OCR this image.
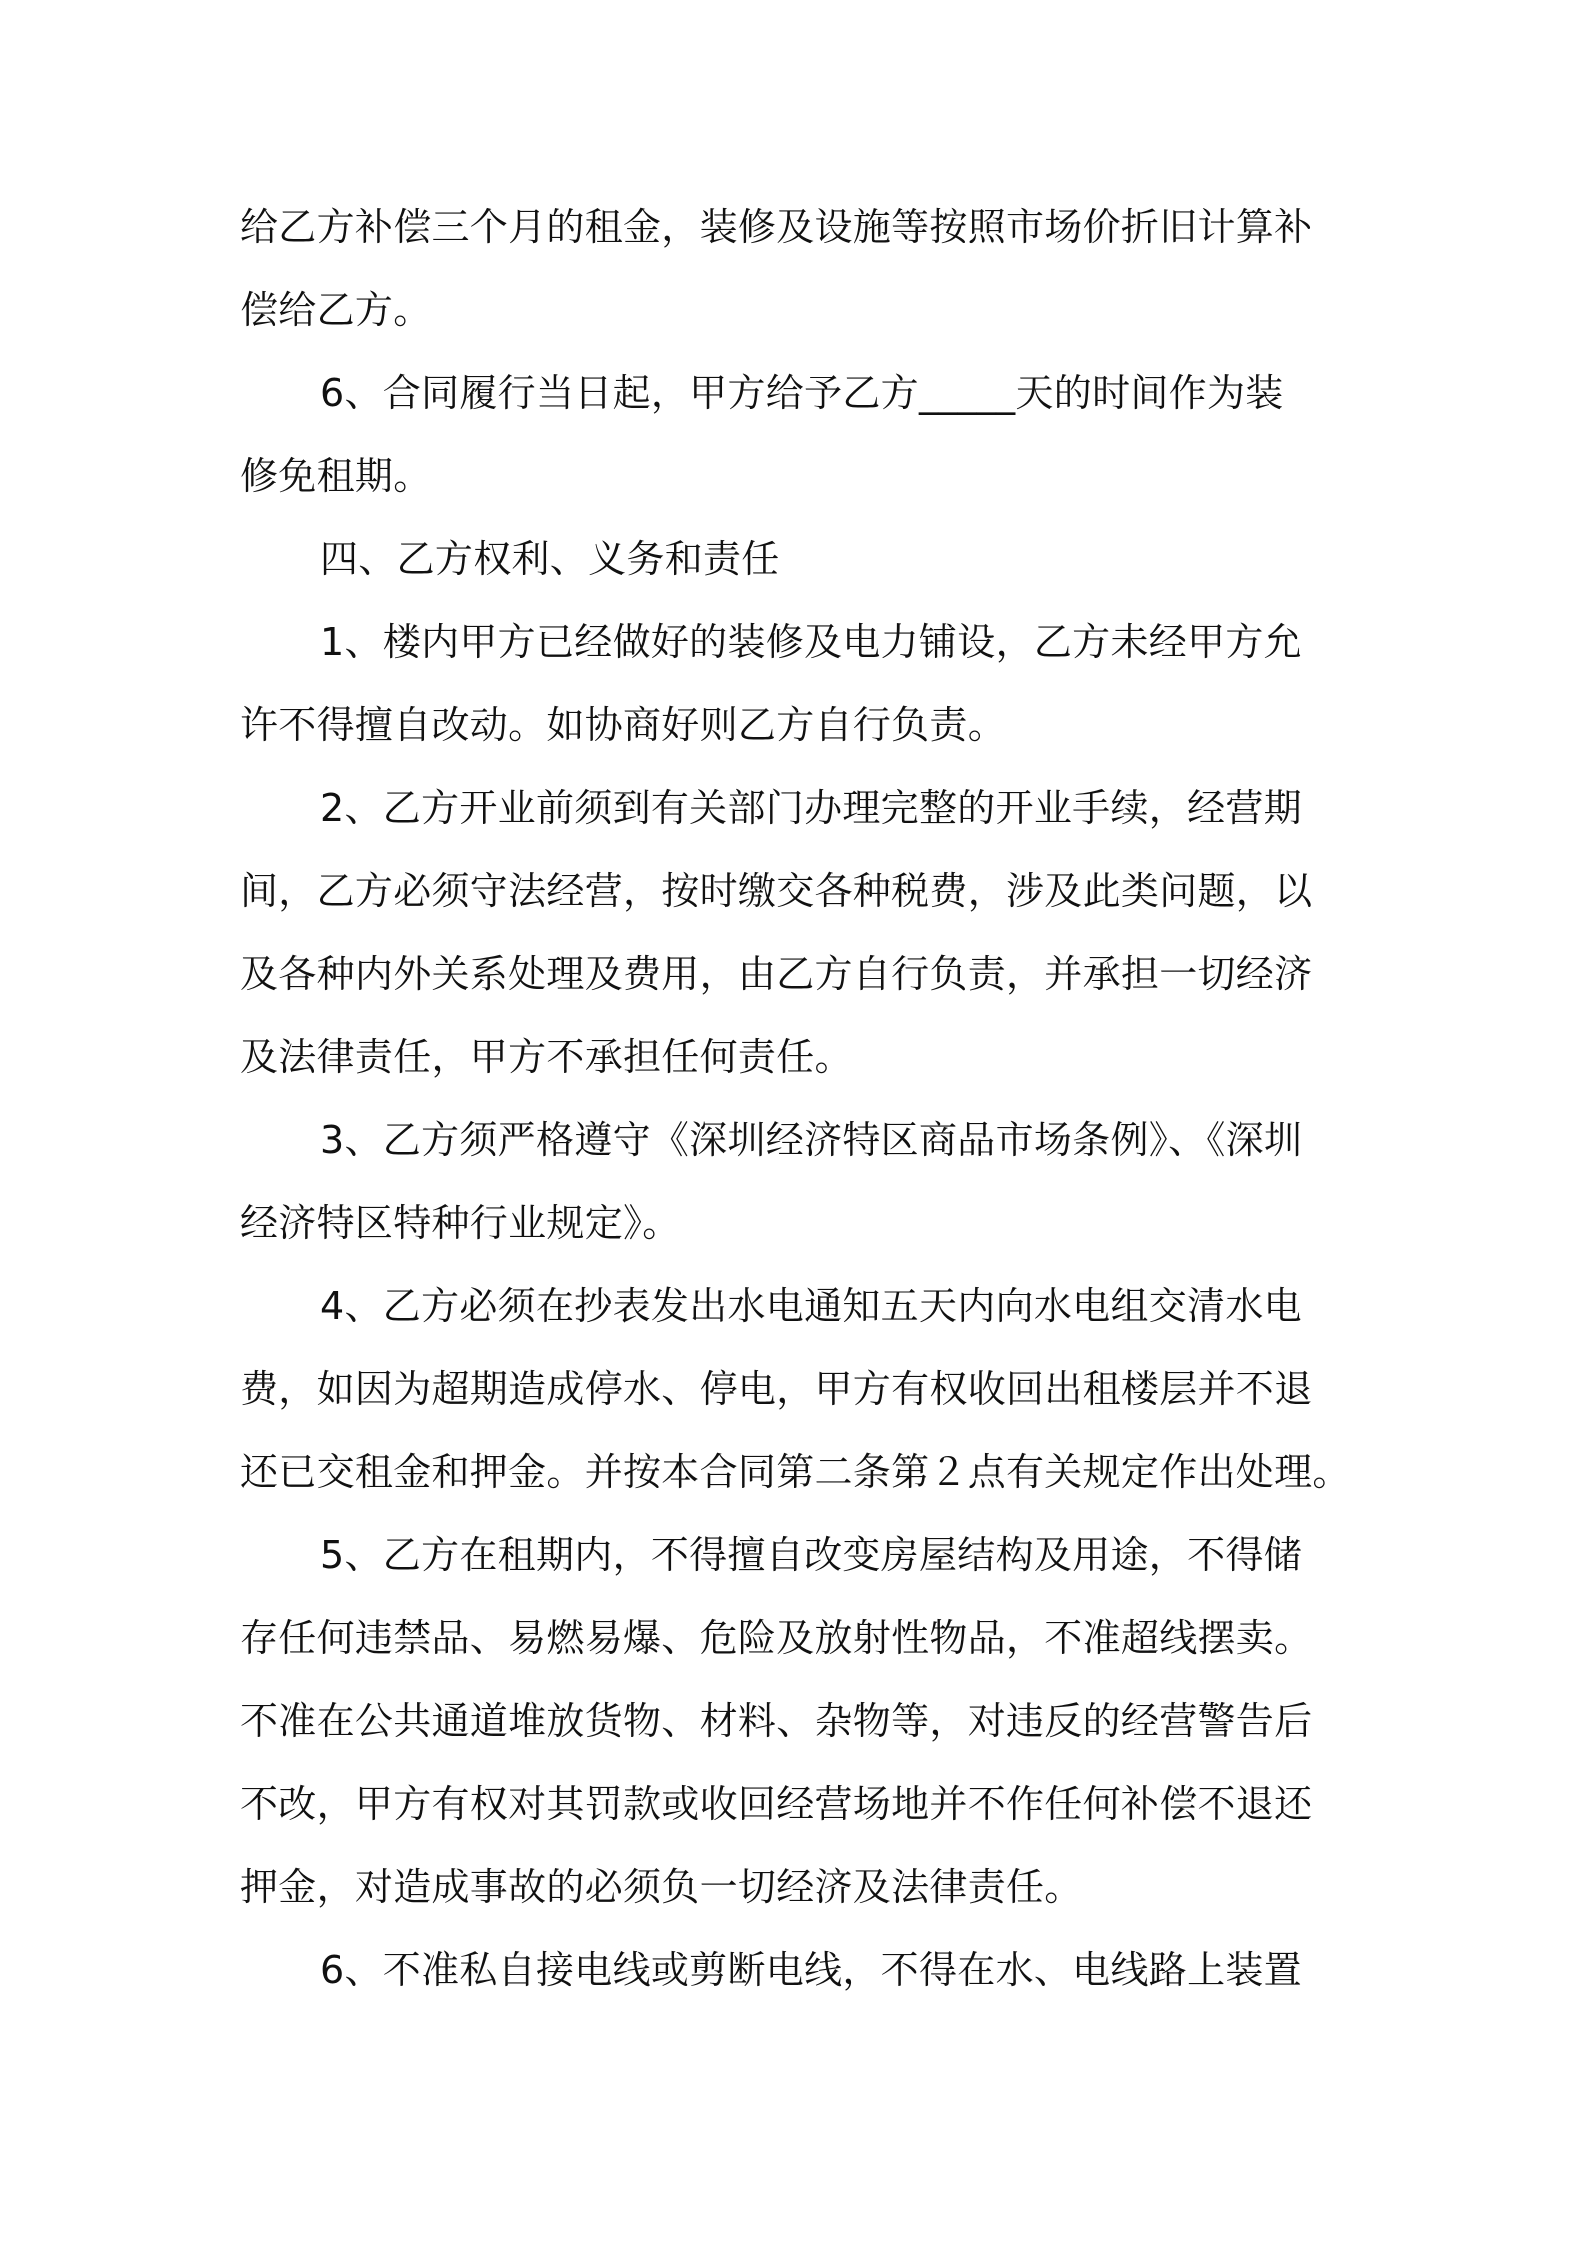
给乙方补偿三个月的租金，装修及设施等按照市场价折旧计算补
偿给乙方。
6、合同履行当日起，甲方给予乙方_____天的时间作为装
修免租期。
四、乙方权利、义务和责任
1、楼内甲方已经做好的装修及电力铺设，乙方未经甲方允
许不得擅自改动。如协商好则乙方自行负责。
2、乙方开业前须到有关部门办理完整的开业手续，经营期
间，乙方必须守法经营，按时缴交各种税费，涉及此类问题，以
及各种内外关系处理及费用，由乙方自行负责，并承担一切经济
及法律责任，甲方不承担任何责任。
3、乙方须严格遵守《深圳经济特区商品市场条例》、《深圳
经济特区特种行业规定》。
4、乙方必须在抄表发出水电通知五天内向水电组交清水电
费，如因为超期造成停水、停电，甲方有权收回出租楼层并不退
还已交租金和押金。并按本合同第二条第２点有关规定作出处理。
5、乙方在租期内，不得擅自改变房屋结构及用途，不得储
存任何违禁品、易燃易爆、危险及放射性物品，不准超线摆卖。
不准在公共通道堆放货物、材料、杂物等，对违反的经营警告后
不改，甲方有权对其罚款或收回经营场地并不作任何补偿不退还
押金，对造成事故的必须负一切经济及法律责任。
6、不准私自接电线或剪断电线，不得在水、电线路上装置
